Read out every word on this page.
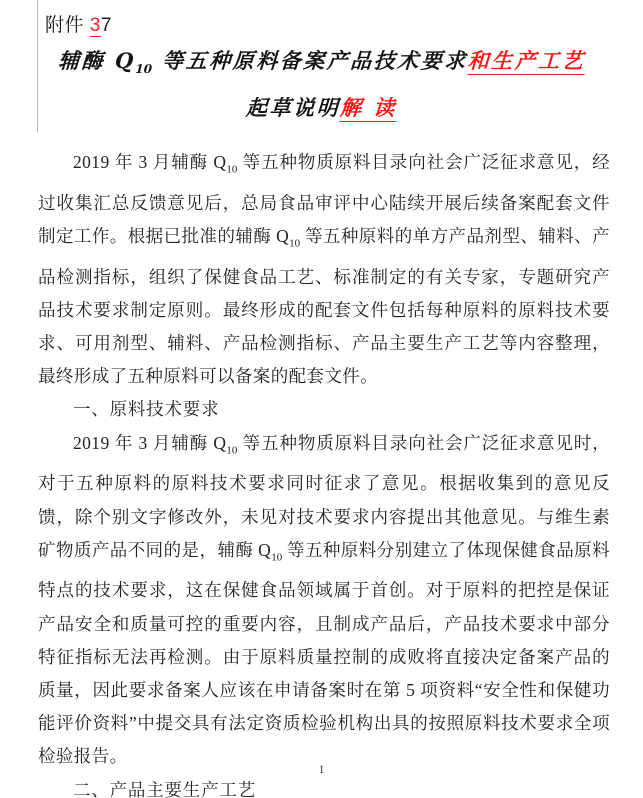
附件 37
辅酶 $Q_{10}$ 等五种原料备案产品技术要求和生产工艺
起草说明解 读

2019 年 3 月辅酶 $Q_{10}$ 等五种物质原料目录向社会广泛征求意见，经过收集汇总反馈意见后，总局食品审评中心陆续开展后续备案配套文件制定工作。根据已批准的辅酶 $Q_{10}$ 等五种原料的单方产品剂型、辅料、产品检测指标，组织了保健食品工艺、标准制定的有关专家，专题研究产品技术要求制定原则。最终形成的配套文件包括每种原料的原料技术要求、可用剂型、辅料、产品检测指标、产品主要生产工艺等内容整理，最终形成了五种原料可以备案的配套文件。

一、原料技术要求

2019 年 3 月辅酶 $Q_{10}$ 等五种物质原料目录向社会广泛征求意见时，对于五种原料的原料技术要求同时征求了意见。根据收集到的意见反馈，除个别文字修改外，未见对技术要求内容提出其他意见。与维生素矿物质产品不同的是，辅酶 $Q_{10}$ 等五种原料分别建立了体现保健食品原料特点的技术要求，这在保健食品领域属于首创。对于原料的把控是保证产品安全和质量可控的重要内容，且制成产品后，产品技术要求中部分特征指标无法再检测。由于原料质量控制的成败将直接决定备案产品的质量，因此要求备案人应该在申请备案时在第 5 项资料“安全性和保健功能评价资料”中提交具有法定资质检验机构出具的按照原料技术要求全项检验报告。

二、产品主要生产工艺

1
